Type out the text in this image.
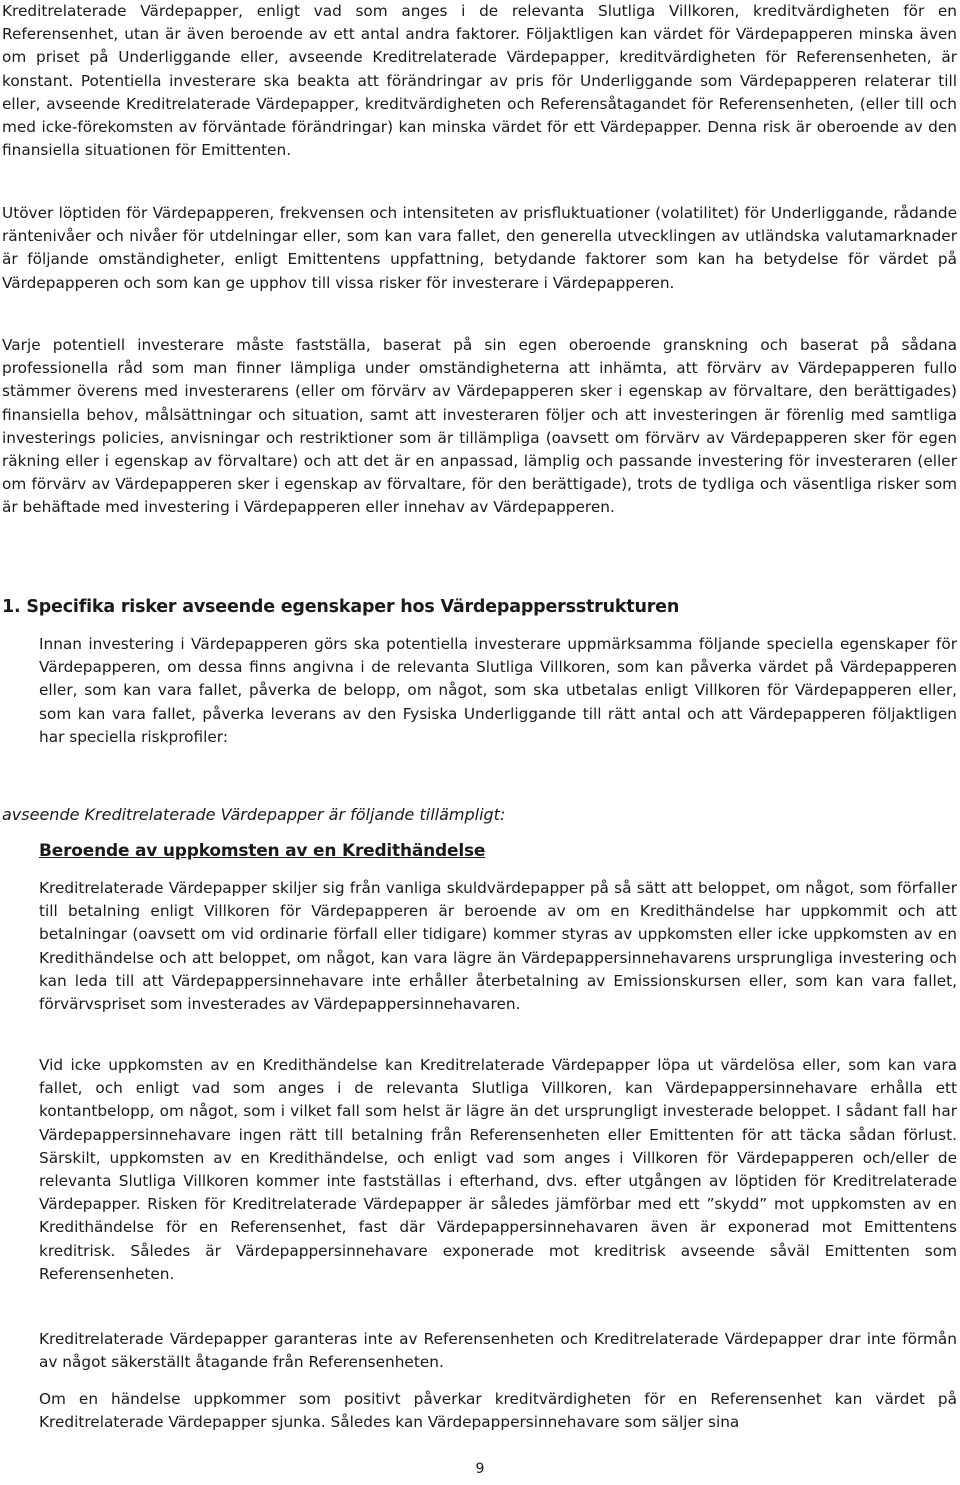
Kreditrelaterade Värdepapper, enligt vad som anges i de relevanta Slutliga Villkoren, kreditvärdigheten för en Referensenhet, utan är även beroende av ett antal andra faktorer. Följaktligen kan värdet för Värdepapperen minska även om priset på Underliggande eller, avseende Kreditrelaterade Värdepapper, kreditvärdigheten för Referensenheten, är konstant. Potentiella investerare ska beakta att förändringar av pris för Underliggande som Värdepapperen relaterar till eller, avseende Kreditrelaterade Värdepapper, kreditvärdigheten och Referensåtagandet för Referensenheten, (eller till och med icke-förekomsten av förväntade förändringar) kan minska värdet för ett Värdepapper. Denna risk är oberoende av den finansiella situationen för Emittenten.

Utöver löptiden för Värdepapperen, frekvensen och intensiteten av prisfluktuationer (volatilitet) för Underliggande, rådande räntenivåer och nivåer för utdelningar eller, som kan vara fallet, den generella utvecklingen av utländska valutamarknader är följande omständigheter, enligt Emittentens uppfattning, betydande faktorer som kan ha betydelse för värdet på Värdepapperen och som kan ge upphov till vissa risker för investerare i Värdepapperen.

Varje potentiell investerare måste fastställa, baserat på sin egen oberoende granskning och baserat på sådana professionella råd som man finner lämpliga under omständigheterna att inhämta, att förvärv av Värdepapperen fullo stämmer överens med investerarens (eller om förvärv av Värdepapperen sker i egenskap av förvaltare, den berättigades) finansiella behov, målsättningar och situation, samt att investeraren följer och att investeringen är förenlig med samtliga investerings policies, anvisningar och restriktioner som är tillämpliga (oavsett om förvärv av Värdepapperen sker för egen räkning eller i egenskap av förvaltare) och att det är en anpassad, lämplig och passande investering för investeraren (eller om förvärv av Värdepapperen sker i egenskap av förvaltare, för den berättigade), trots de tydliga och väsentliga risker som är behäftade med investering i Värdepapperen eller innehav av Värdepapperen.

1. Specifika risker avseende egenskaper hos Värdepappersstrukturen

Innan investering i Värdepapperen görs ska potentiella investerare uppmärksamma följande speciella egenskaper för Värdepapperen, om dessa finns angivna i de relevanta Slutliga Villkoren, som kan påverka värdet på Värdepapperen eller, som kan vara fallet, påverka de belopp, om något, som ska utbetalas enligt Villkoren för Värdepapperen eller, som kan vara fallet, påverka leverans av den Fysiska Underliggande till rätt antal och att Värdepapperen följaktligen har speciella riskprofiler:

avseende Kreditrelaterade Värdepapper är följande tillämpligt:
Beroende av uppkomsten av en Kredithändelse

Kreditrelaterade Värdepapper skiljer sig från vanliga skuldvärdepapper på så sätt att beloppet, om något, som förfaller till betalning enligt Villkoren för Värdepapperen är beroende av om en Kredithändelse har uppkommit och att betalningar (oavsett om vid ordinarie förfall eller tidigare) kommer styras av uppkomsten eller icke uppkomsten av en Kredithändelse och att beloppet, om något, kan vara lägre än Värdepappersinnehavarens ursprungliga investering och kan leda till att Värdepappersinnehavare inte erhåller återbetalning av Emissionskursen eller, som kan vara fallet, förvärvspriset som investerades av Värdepappersinnehavaren.

Vid icke uppkomsten av en Kredithändelse kan Kreditrelaterade Värdepapper löpa ut värdelösa eller, som kan vara fallet, och enligt vad som anges i de relevanta Slutliga Villkoren, kan Värdepappersinnehavare erhålla ett kontantbelopp, om något, som i vilket fall som helst är lägre än det ursprungligt investerade beloppet. I sådant fall har Värdepappersinnehavare ingen rätt till betalning från Referensenheten eller Emittenten för att täcka sådan förlust. Särskilt, uppkomsten av en Kredithändelse, och enligt vad som anges i Villkoren för Värdepapperen och/eller de relevanta Slutliga Villkoren kommer inte fastställas i efterhand, dvs. efter utgången av löptiden för Kreditrelaterade Värdepapper. Risken för Kreditrelaterade Värdepapper är således jämförbar med ett ”skydd” mot uppkomsten av en Kredithändelse för en Referensenhet, fast där Värdepappersinnehavaren även är exponerad mot Emittentens kreditrisk. Således är Värdepappersinnehavare exponerade mot kreditrisk avseende såväl Emittenten som Referensenheten.

Kreditrelaterade Värdepapper garanteras inte av Referensenheten och Kreditrelaterade Värdepapper drar inte förmån av något säkerställt åtagande från Referensenheten.

Om en händelse uppkommer som positivt påverkar kreditvärdigheten för en Referensenhet kan värdet på Kreditrelaterade Värdepapper sjunka. Således kan Värdepappersinnehavare som säljer sina

9
